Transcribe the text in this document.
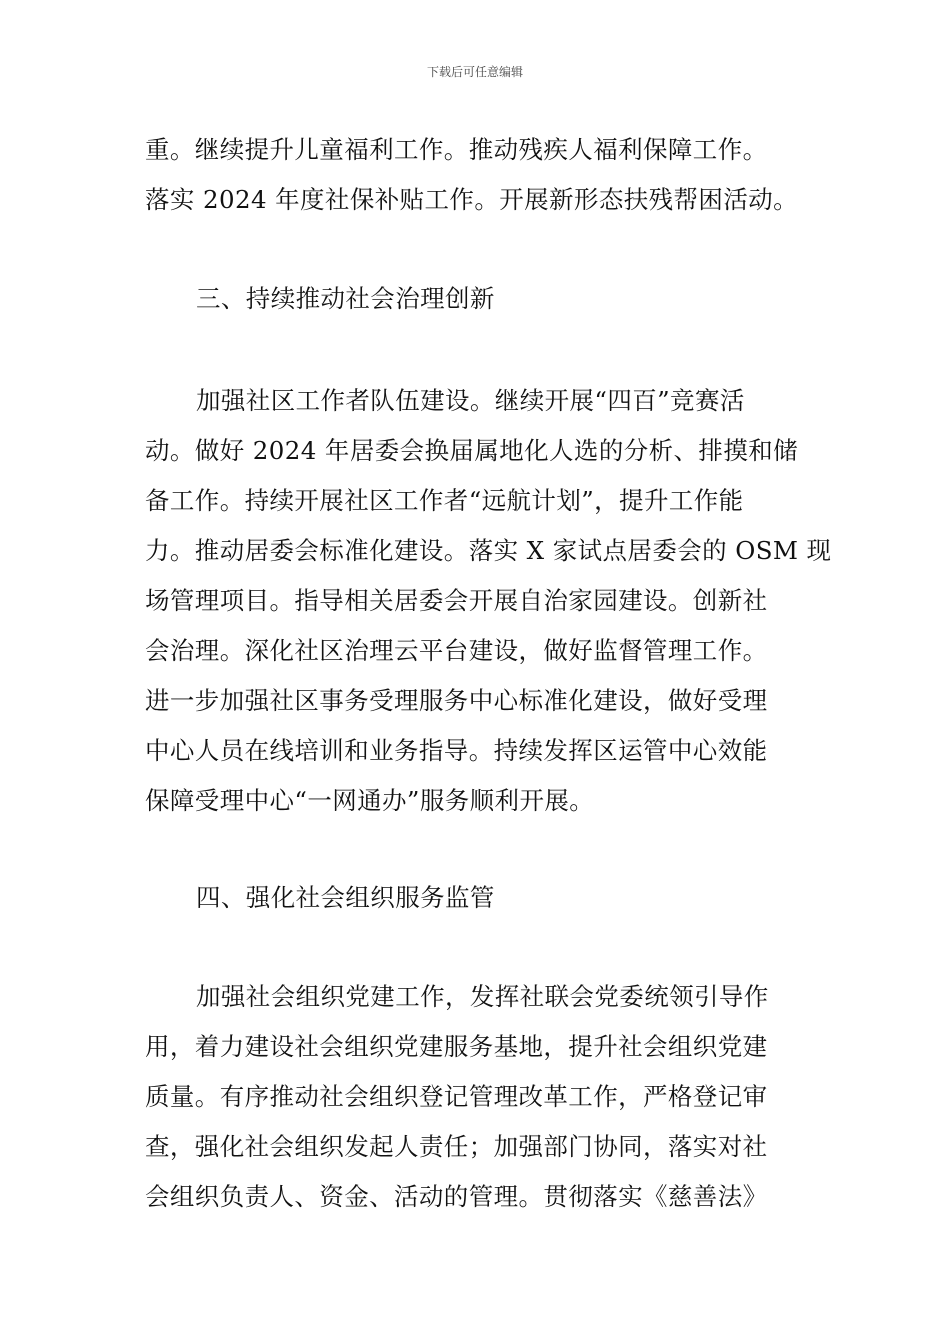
下载后可任意编辑
重。继续提升儿童福利工作。推动残疾人福利保障工作。
落实 2024 年度社保补贴工作。开展新形态扶残帮困活动。
三、持续推动社会治理创新
加强社区工作者队伍建设。继续开展“四百”竞赛活
动。做好 2024 年居委会换届属地化人选的分析、排摸和储
备工作。持续开展社区工作者“远航计划”，提升工作能
力。推动居委会标准化建设。落实 X 家试点居委会的 OSM 现
场管理项目。指导相关居委会开展自治家园建设。创新社
会治理。深化社区治理云平台建设，做好监督管理工作。
进一步加强社区事务受理服务中心标准化建设，做好受理
中心人员在线培训和业务指导。持续发挥区运管中心效能
保障受理中心“一网通办”服务顺利开展。
四、强化社会组织服务监管
加强社会组织党建工作，发挥社联会党委统领引导作
用，着力建设社会组织党建服务基地，提升社会组织党建
质量。有序推动社会组织登记管理改革工作，严格登记审
查，强化社会组织发起人责任；加强部门协同，落实对社
会组织负责人、资金、活动的管理。贯彻落实《慈善法》
